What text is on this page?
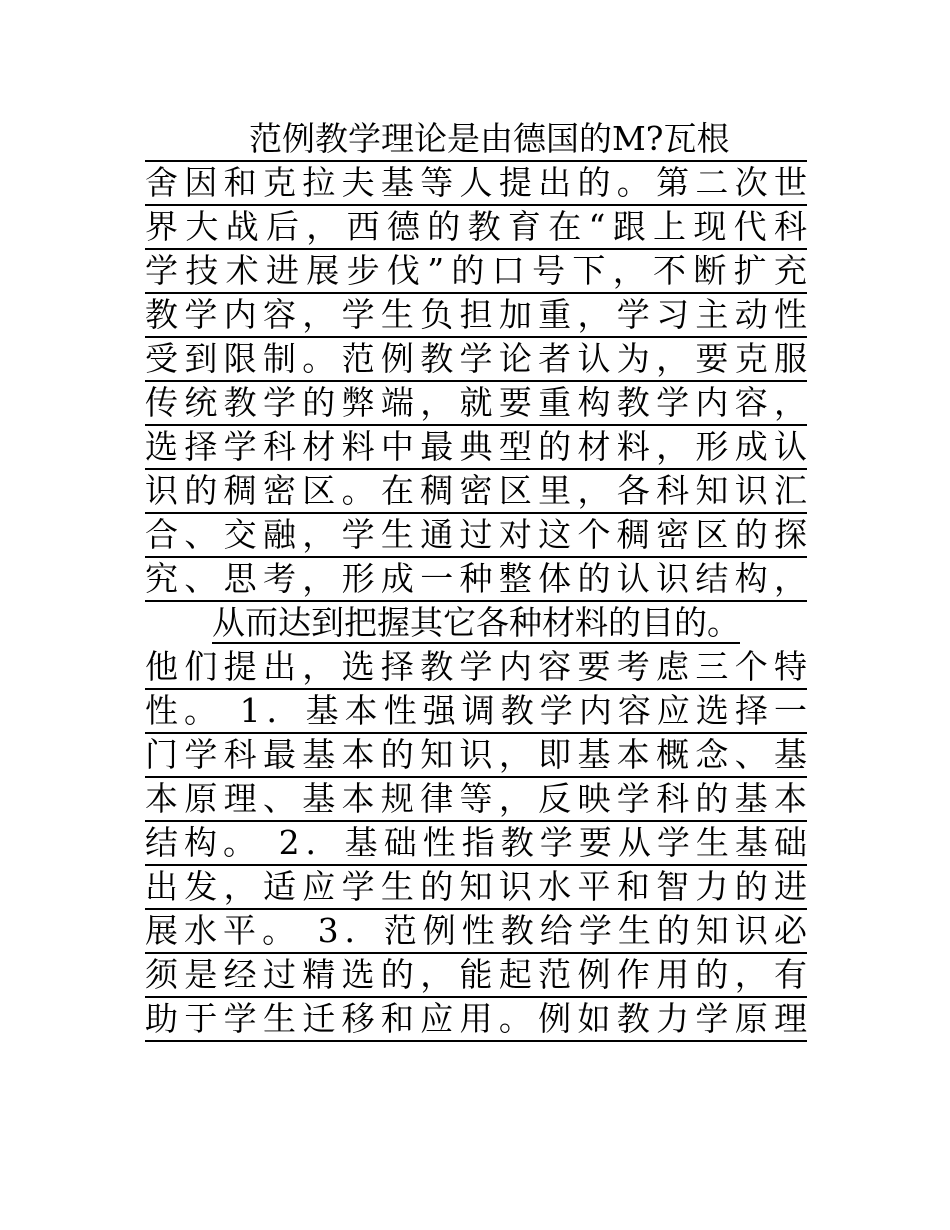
范例教学理论是由德国的M?瓦根
舍因和克拉夫基等人提出的。第二次世
界大战后，西德的教育在“跟上现代科
学技术进展步伐”的口号下，不断扩充
教学内容，学生负担加重，学习主动性
受到限制。范例教学论者认为，要克服
传统教学的弊端，就要重构教学内容，
选择学科材料中最典型的材料，形成认
识的稠密区。在稠密区里，各科知识汇
合、交融，学生通过对这个稠密区的探
究、思考，形成一种整体的认识结构，
从而达到把握其它各种材料的目的。
他们提出，选择教学内容要考虑三个特
性。 1．基本性强调教学内容应选择一
门学科最基本的知识，即基本概念、基
本原理、基本规律等，反映学科的基本
结构。 2．基础性指教学要从学生基础
出发，适应学生的知识水平和智力的进
展水平。 3．范例性教给学生的知识必
须是经过精选的，能起范例作用的，有
助于学生迁移和应用。例如教力学原理
